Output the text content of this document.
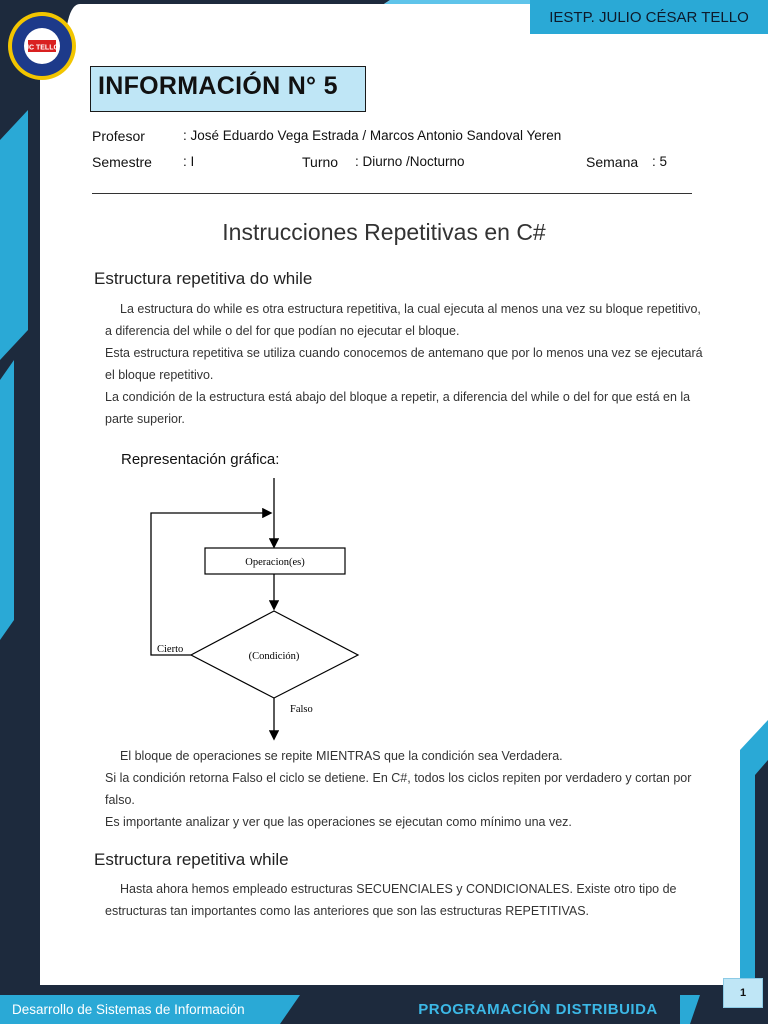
JC TELLO
IESTP. JULIO CÉSAR TELLO
INFORMACIÓN N° 5
Profesor	: José Eduardo Vega Estrada / Marcos Antonio Sandoval Yeren
Semestre : I	Turno : Diurno /Nocturno	Semana : 5
Instrucciones Repetitivas en C#
Estructura repetitiva do while

La estructura do while es otra estructura repetitiva, la cual ejecuta al menos una vez su bloque repetitivo, a diferencia del while o del for que podían no ejecutar el bloque.

Esta estructura repetitiva se utiliza cuando conocemos de antemano que por lo menos una vez se ejecutará el bloque repetitivo.

La condición de la estructura está abajo del bloque a repetir, a diferencia del while o del for que está en la parte superior.

Representación gráfica:
Operacion(es)
(Condición)
Cierto
Falso

El bloque de operaciones se repite MIENTRAS que la condición sea Verdadera.

Si la condición retorna Falso el ciclo se detiene. En C#, todos los ciclos repiten por verdadero y cortan por falso.

Es importante analizar y ver que las operaciones se ejecutan como mínimo una vez.

Estructura repetitiva while

Hasta ahora hemos empleado estructuras SECUENCIALES y CONDICIONALES. Existe otro tipo de estructuras tan importantes como las anteriores que son las estructuras REPETITIVAS.

1
Desarrollo de Sistemas de Información	PROGRAMACIÓN DISTRIBUIDA
